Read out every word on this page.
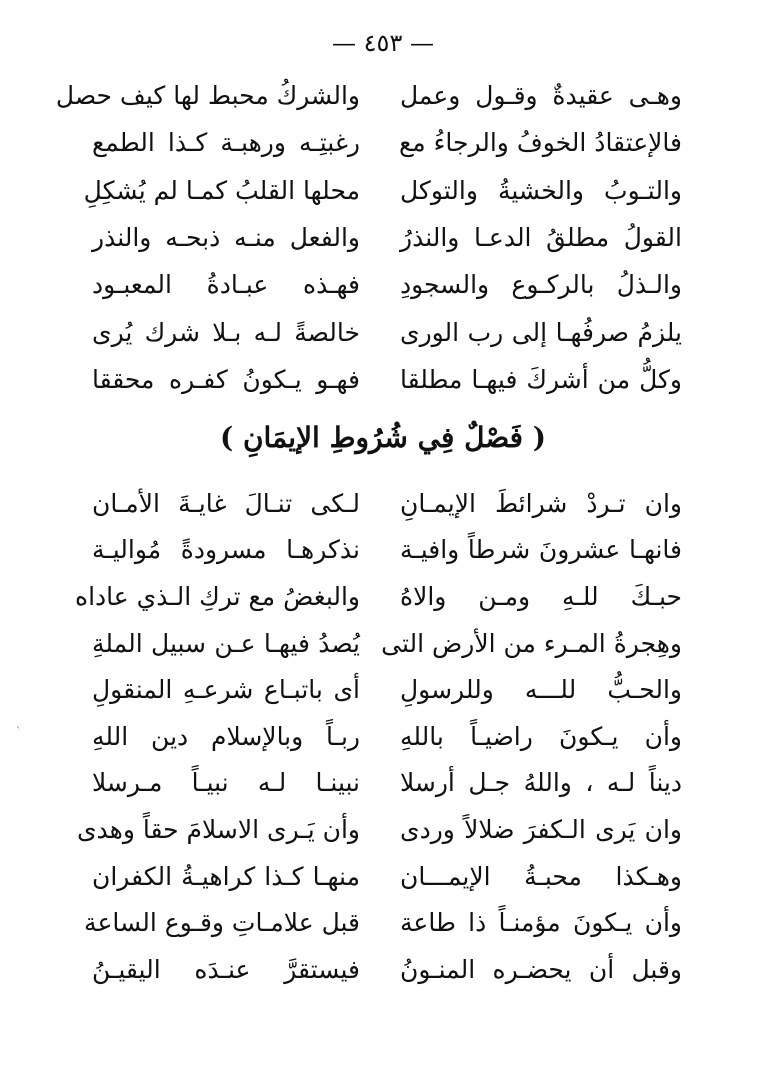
— ٤٥٣ —
وهـى عقيدةٌ وقـول وعمل
والشركُ محبط لها كيف حصل
فالإعتقادُ الخوفُ والرجاءُ مع
رغبتِـه ورهبـة كـذا الطمع
والتـوبُ والخشيةُ والتوكل
محلها القلبُ كمـا لم يُشكِلِ
القولُ مطلقُ الدعـا والنذرُ
والفعل منـه ذبحـه والنذر
والـذلُ بالركـوع والسجودِ
فهـذه عبـادةُ المعبـود
يلزمُ صرفُهـا إلى رب الورى
خالصةً لـه بـلا شرك يُرى
وكلُّ من أشركَ فيهـا مطلقا
فهـو يـكونُ كفـره محققا
( فَصْلٌ فِي شُرُوطِ الإيمَانِ )
وان تـردْ شرائطَ الإيمـانِ
لـكى تنـالَ غايـةَ الأمـان
فانهـا عشرونَ شرطاً وافيـة
نذكرهـا مسرودةً مُواليـة
حبـكَ للـهِ ومـن والاهُ
والبغضُ مع تركِ الـذي عاداه
وهِجرةُ المـرء من الأرض التى
يُصدُ فيهـا عـن سبيل الملةِ
والحـبُّ للـــه وللرسولِ
أى باتبـاع شرعـهِ المنقولِ
وأن يـكونَ راضيـاً باللهِ
ربـاً وبالإسلام دين اللهِ
ديناً لـه ، واللهُ جـل أرسلا
نبينـا لـه نبيـاً مـرسلا
وان يَرى الـكفرَ ضلالاً وردى
وأن يَـرى الاسلامَ حقاً وهدى
وهـكذا محبـةُ الإيمـــان
منهـا كـذا كراهيـةُ الكفران
وأن يـكونَ مؤمنـاً ذا طاعة
قبل علامـاتِ وقـوع الساعة
وقبل أن يحضـره المنـونُ
فيستقرَّ عنـدَه اليقيـنُ
ˋ
